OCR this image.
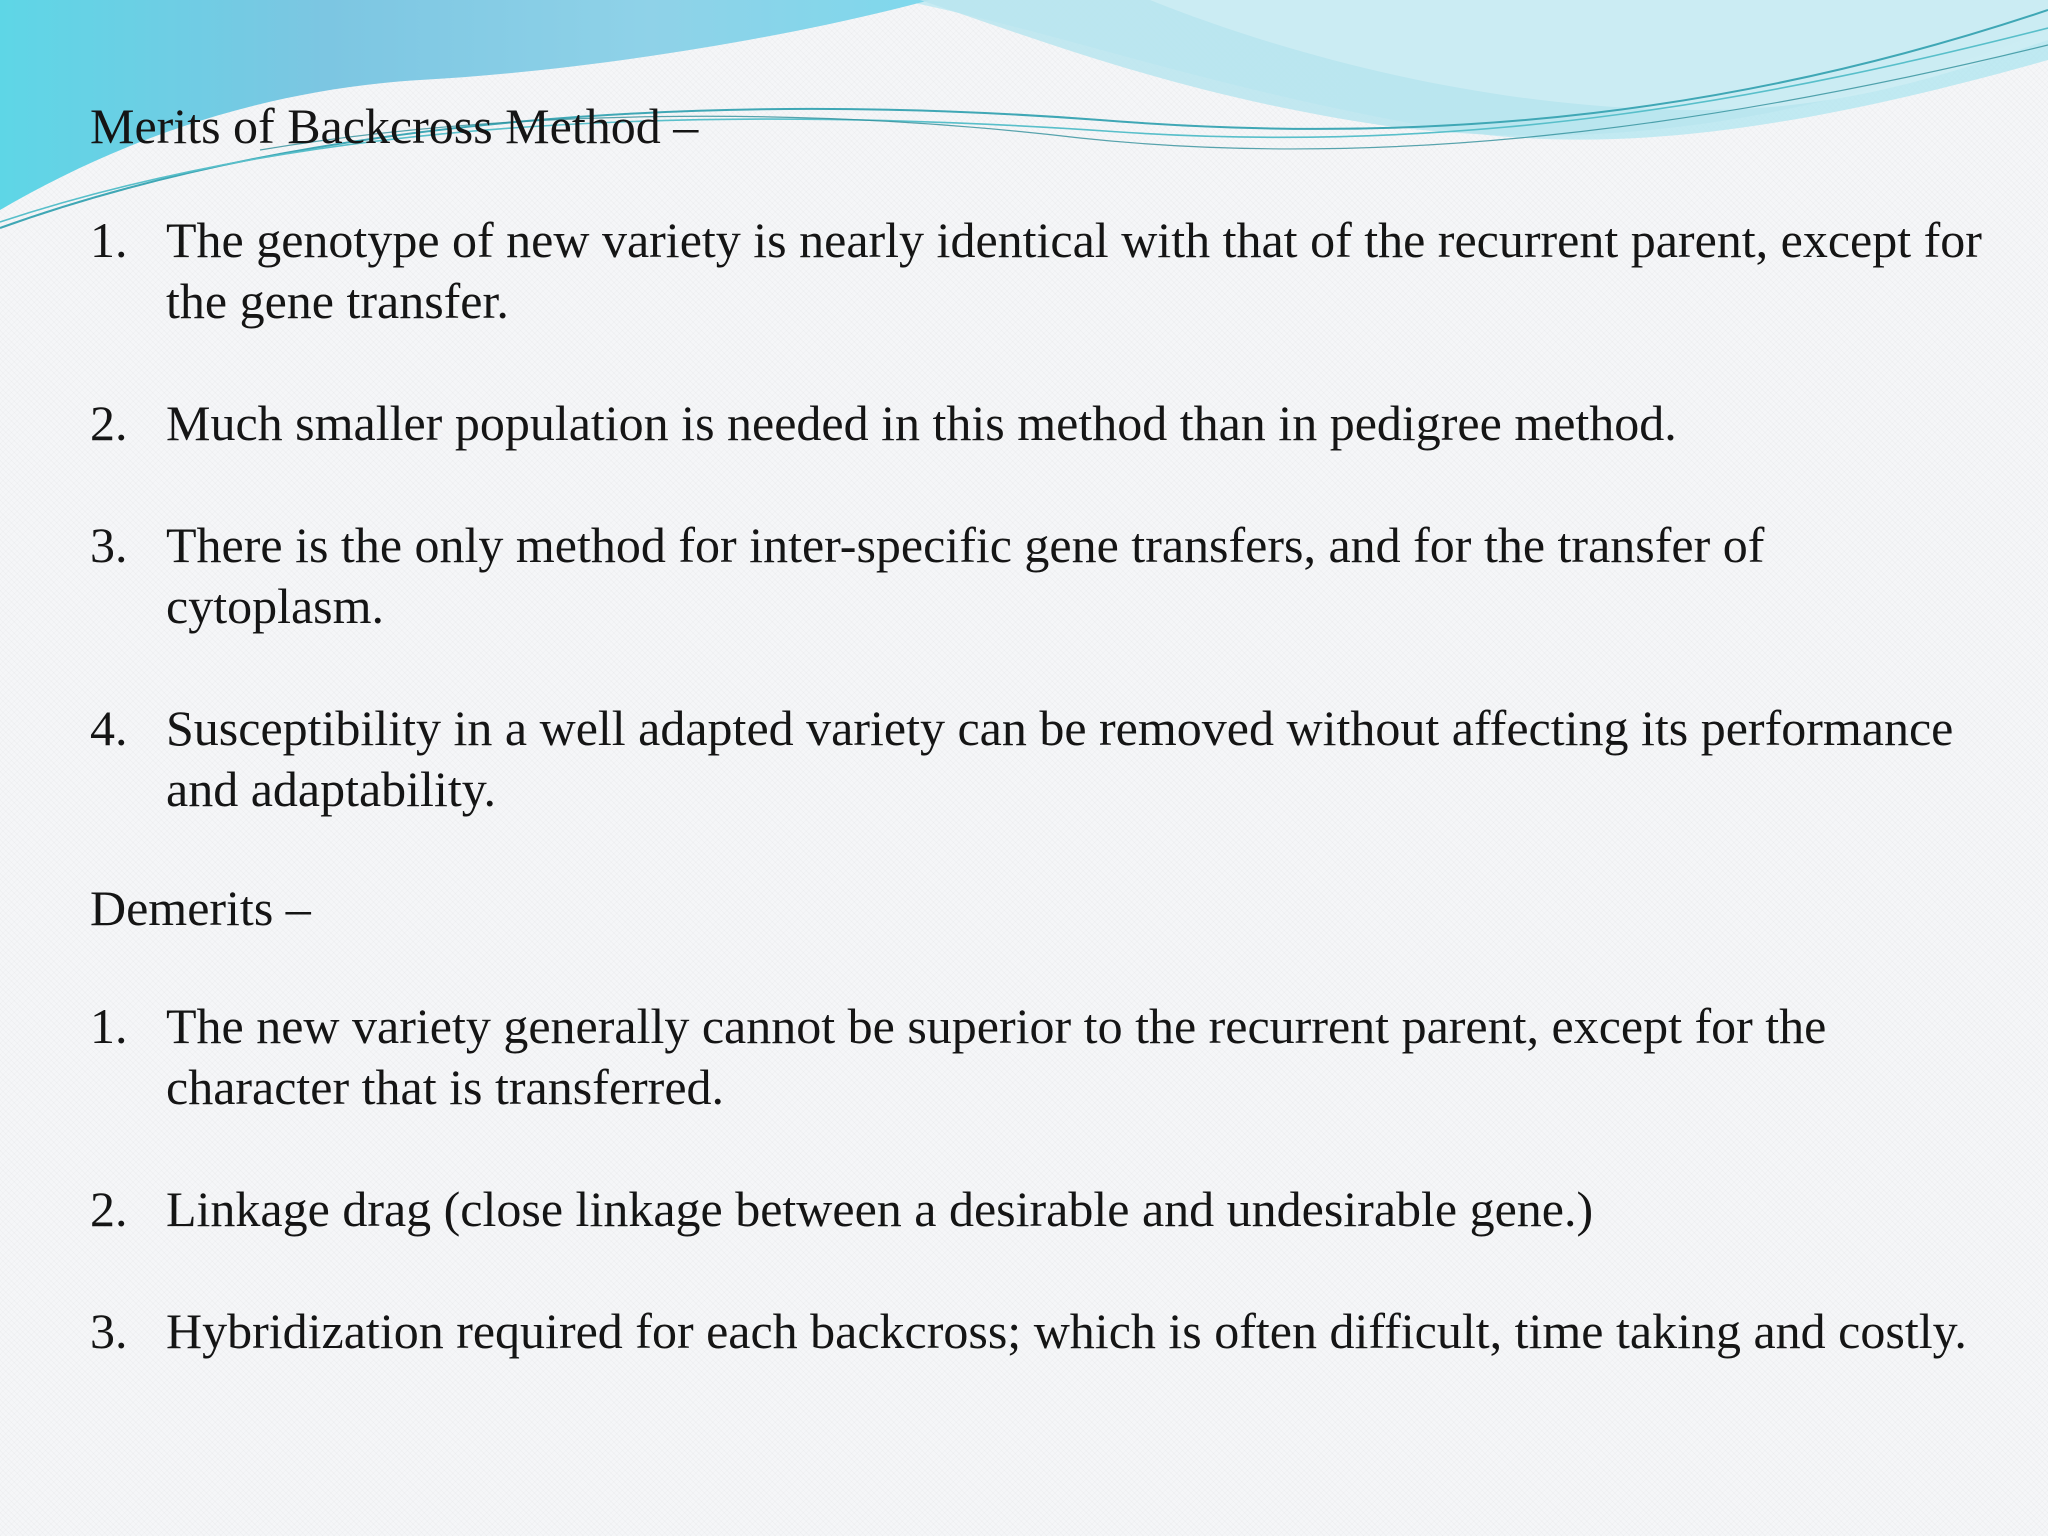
Merits of Backcross Method –

1. The genotype of new variety is nearly identical with that of the recurrent parent, except for the gene transfer.
2. Much smaller population is needed in this method than in pedigree method.
3. There is the only method for inter-specific gene transfers, and for the transfer of cytoplasm.
4. Susceptibility in a well adapted variety can be removed without affecting its performance and adaptability.

Demerits –

1. The new variety generally cannot be superior to the recurrent parent, except for the character that is transferred.
2. Linkage drag (close linkage between a desirable and undesirable gene.)
3. Hybridization required for each backcross; which is often difficult, time taking and costly.
